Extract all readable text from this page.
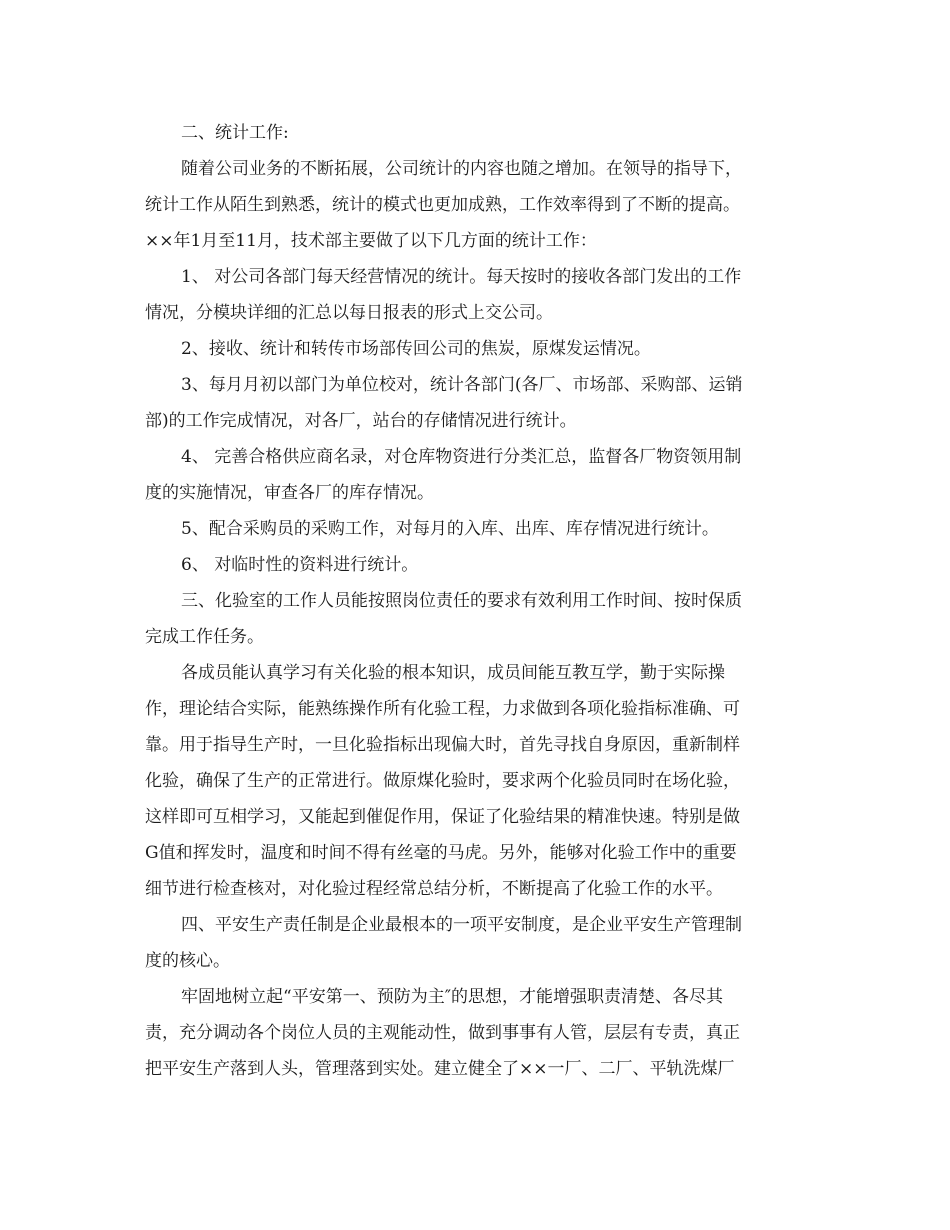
二、统计工作:
随着公司业务的不断拓展，公司统计的内容也随之增加。在领导的指导下，
统计工作从陌生到熟悉，统计的模式也更加成熟，工作效率得到了不断的提高。
××年1月至11月，技术部主要做了以下几方面的统计工作：
1、 对公司各部门每天经营情况的统计。每天按时的接收各部门发出的工作
情况，分模块详细的汇总以每日报表的形式上交公司。
2、接收、统计和转传市场部传回公司的焦炭，原煤发运情况。
3、每月月初以部门为单位校对，统计各部门(各厂、市场部、采购部、运销
部)的工作完成情况，对各厂，站台的存储情况进行统计。
4、 完善合格供应商名录，对仓库物资进行分类汇总，监督各厂物资领用制
度的实施情况，审查各厂的库存情况。
5、配合采购员的采购工作，对每月的入库、出库、库存情况进行统计。
6、 对临时性的资料进行统计。
三、化验室的工作人员能按照岗位责任的要求有效利用工作时间、按时保质
完成工作任务。
各成员能认真学习有关化验的根本知识，成员间能互教互学，勤于实际操
作，理论结合实际，能熟练操作所有化验工程，力求做到各项化验指标准确、可
靠。用于指导生产时，一旦化验指标出现偏大时，首先寻找自身原因，重新制样
化验，确保了生产的正常进行。做原煤化验时，要求两个化验员同时在场化验，
这样即可互相学习，又能起到催促作用，保证了化验结果的精准快速。特别是做
G值和挥发时，温度和时间不得有丝毫的马虎。另外，能够对化验工作中的重要
细节进行检查核对，对化验过程经常总结分析，不断提高了化验工作的水平。
四、平安生产责任制是企业最根本的一项平安制度，是企业平安生产管理制
度的核心。
牢固地树立起“平安第一、预防为主″的思想，才能增强职责清楚、各尽其
责，充分调动各个岗位人员的主观能动性，做到事事有人管，层层有专责，真正
把平安生产落到人头，管理落到实处。建立健全了××一厂、二厂、平轨洗煤厂
